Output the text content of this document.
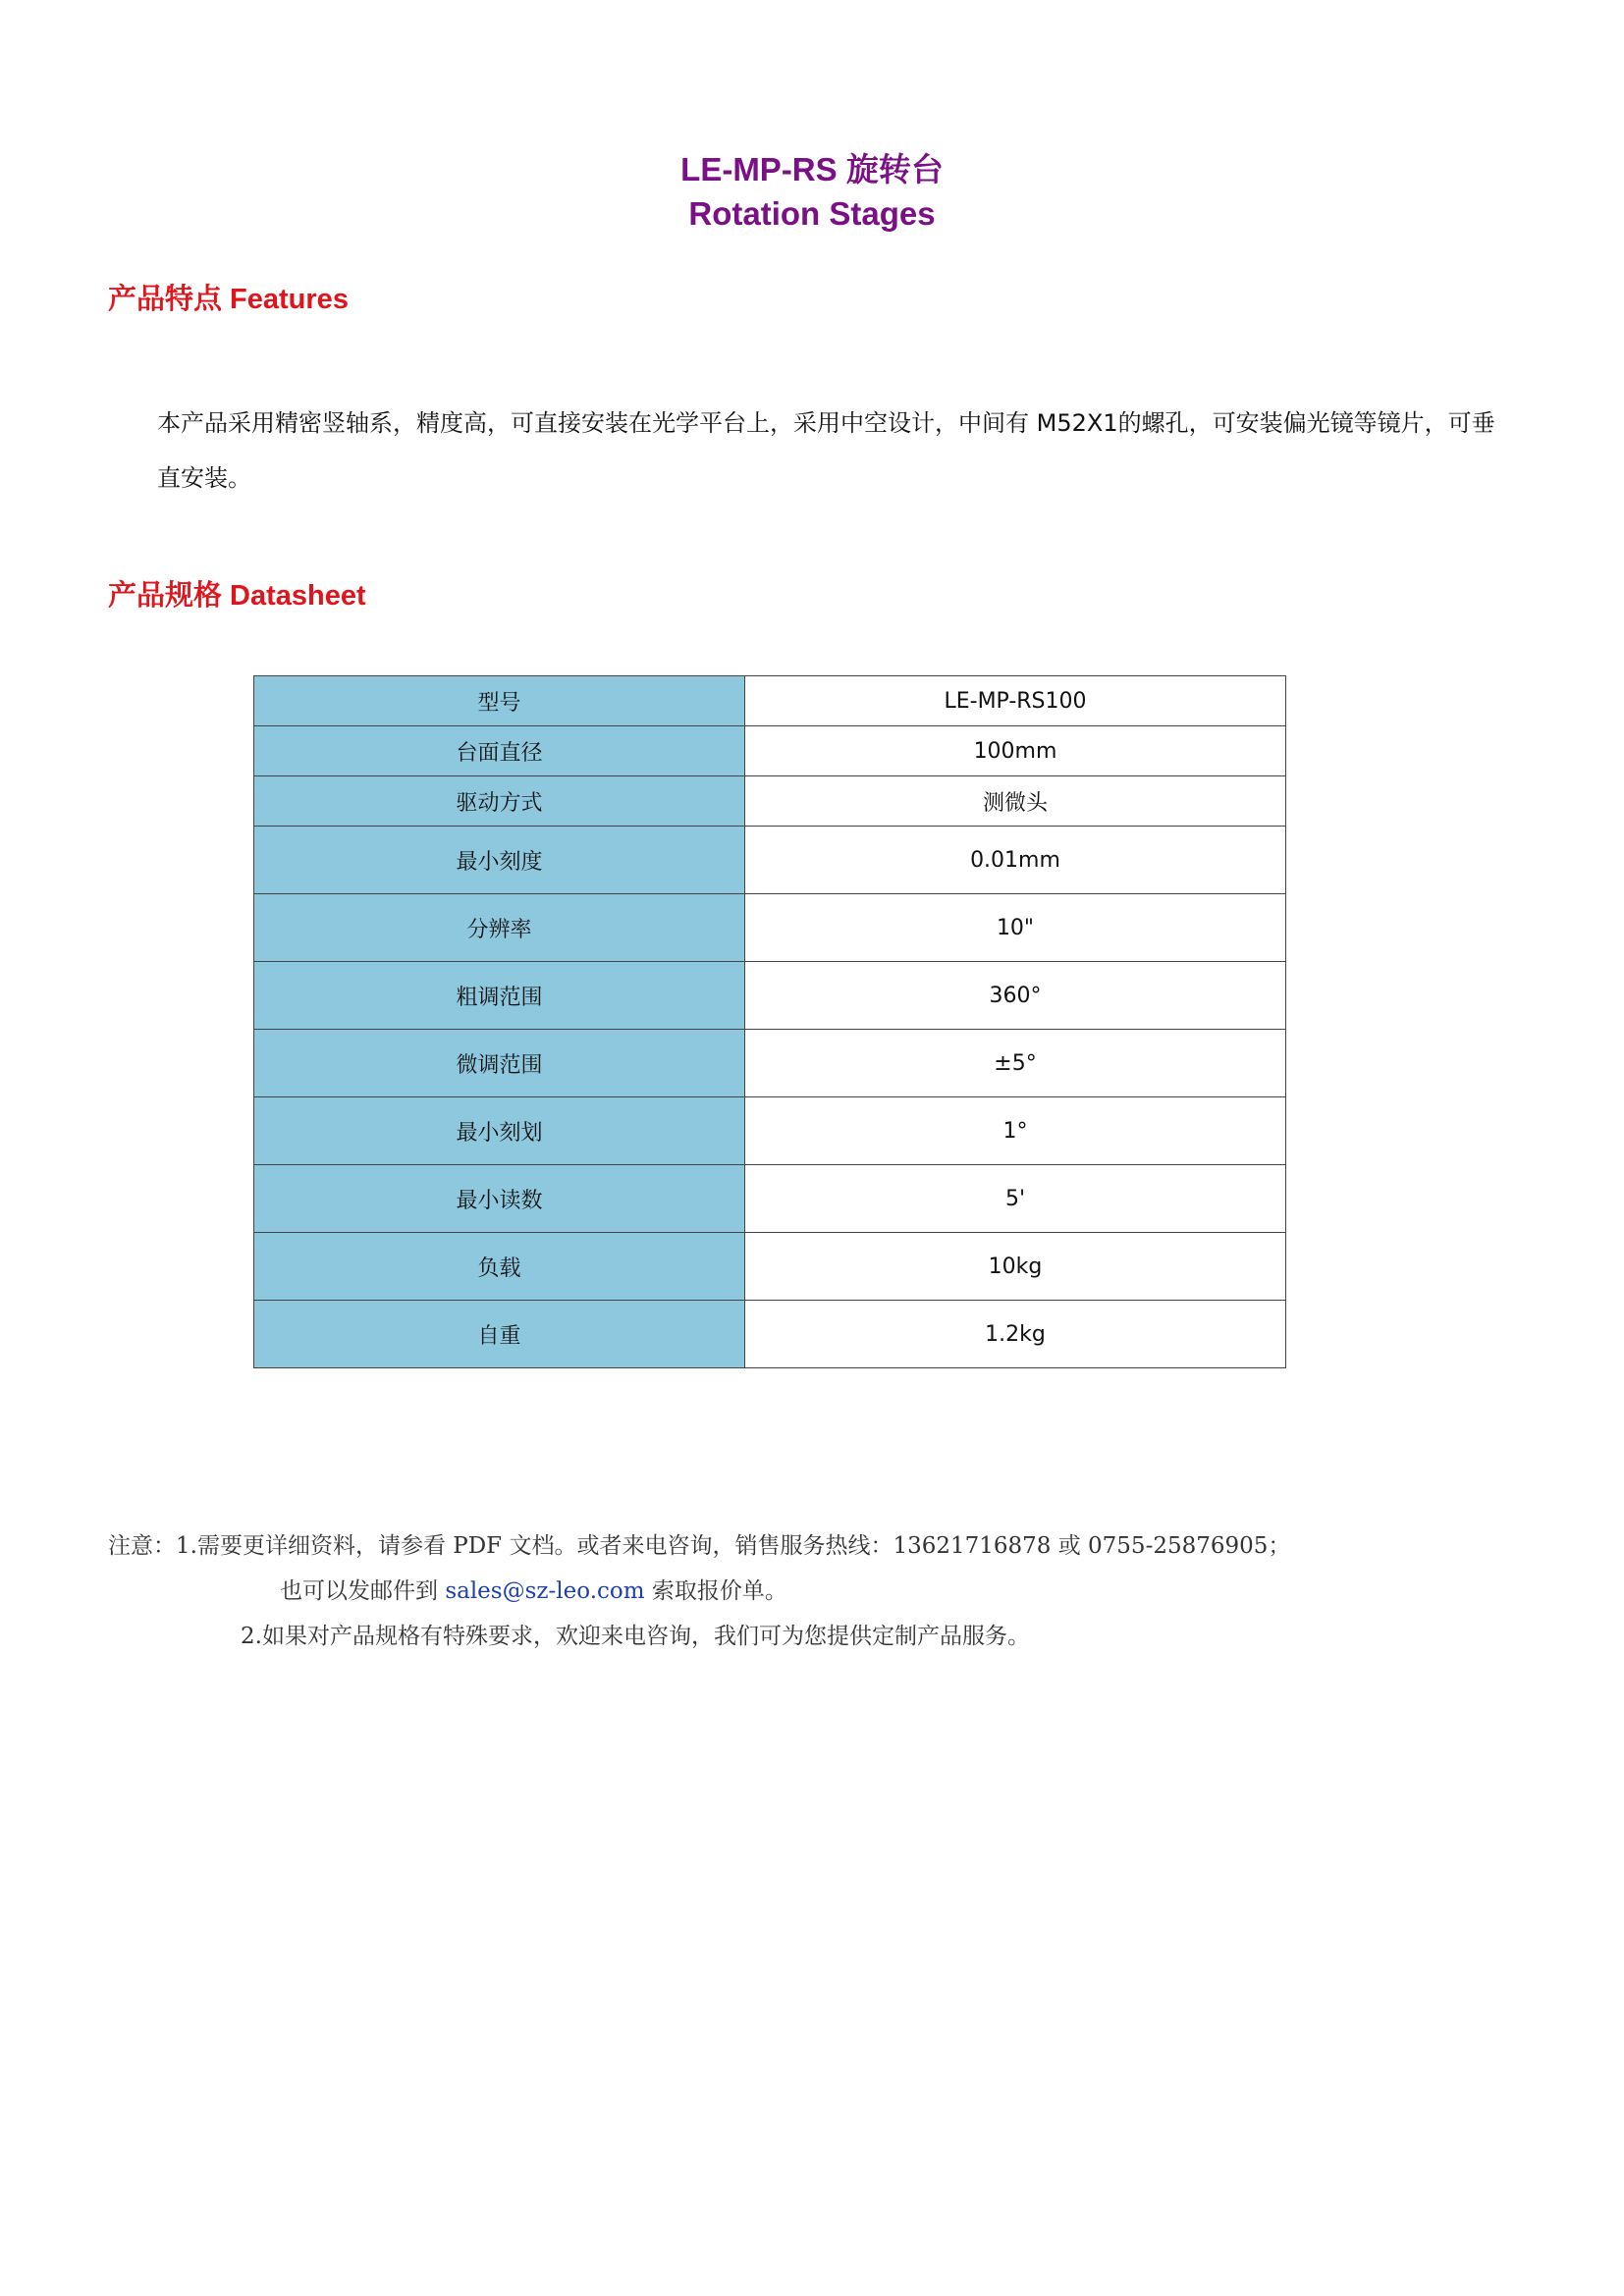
LE-MP-RS 旋转台
Rotation Stages
产品特点 Features
本产品采用精密竖轴系，精度高，可直接安装在光学平台上，采用中空设计，中间有 M52X1的螺孔，可安装偏光镜等镜片，可垂
直安装。
产品规格 Datasheet
型号	LE-MP-RS100
台面直径	100mm
驱动方式	测微头
最小刻度	0.01mm
分辨率	10"
粗调范围	360°
微调范围	±5°
最小刻划	1°
最小读数	5'
负载	10kg
自重	1.2kg
注意：1.需要更详细资料，请参看 PDF 文档。或者来电咨询，销售服务热线：13621716878 或 0755-25876905；
也可以发邮件到 sales@sz-leo.com 索取报价单。
2.如果对产品规格有特殊要求，欢迎来电咨询，我们可为您提供定制产品服务。
